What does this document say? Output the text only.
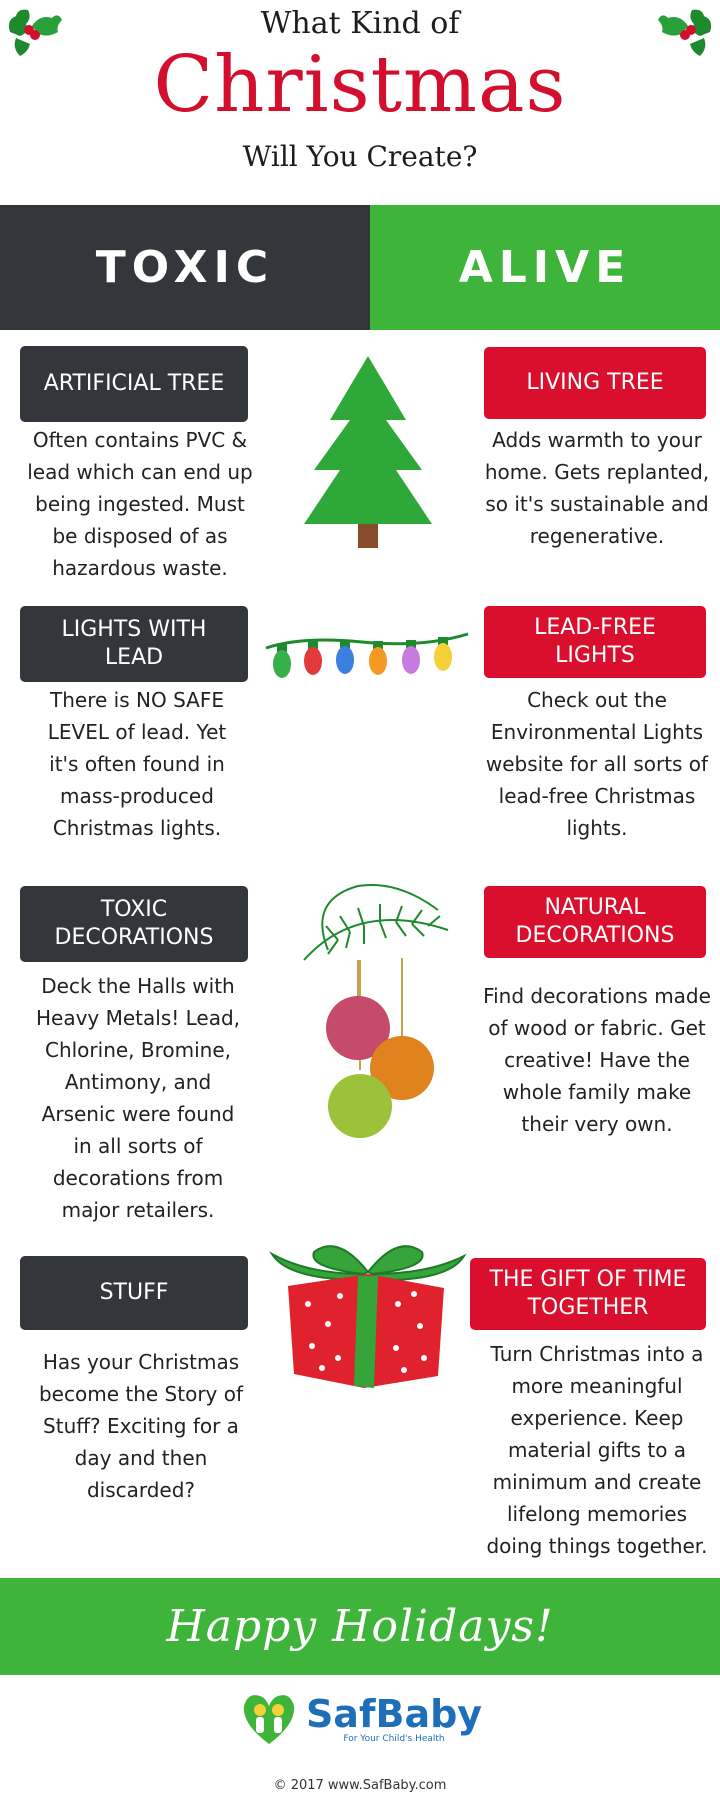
What Kind of
Christmas
Will You Create?
TOXIC	ALIVE
ARTIFICIAL TREE
Often contains PVC & lead which can end up being ingested. Must be disposed of as hazardous waste.
LIVING TREE
Adds warmth to your home. Gets replanted, so it's sustainable and regenerative.
LIGHTS WITH LEAD
There is NO SAFE LEVEL of lead. Yet it's often found in mass-produced Christmas lights.
LEAD-FREE LIGHTS
Check out the Environmental Lights website for all sorts of lead-free Christmas lights.
TOXIC DECORATIONS
Deck the Halls with Heavy Metals! Lead, Chlorine, Bromine, Antimony, and Arsenic were found in all sorts of decorations from major retailers.
NATURAL DECORATIONS
Find decorations made of wood or fabric. Get creative! Have the whole family make their very own.
STUFF
Has your Christmas become the Story of Stuff? Exciting for a day and then discarded?
THE GIFT OF TIME TOGETHER
Turn Christmas into a more meaningful experience. Keep material gifts to a minimum and create lifelong memories doing things together.
Happy Holidays!
SafBaby
For Your Child's Health
© 2017 www.SafBaby.com
